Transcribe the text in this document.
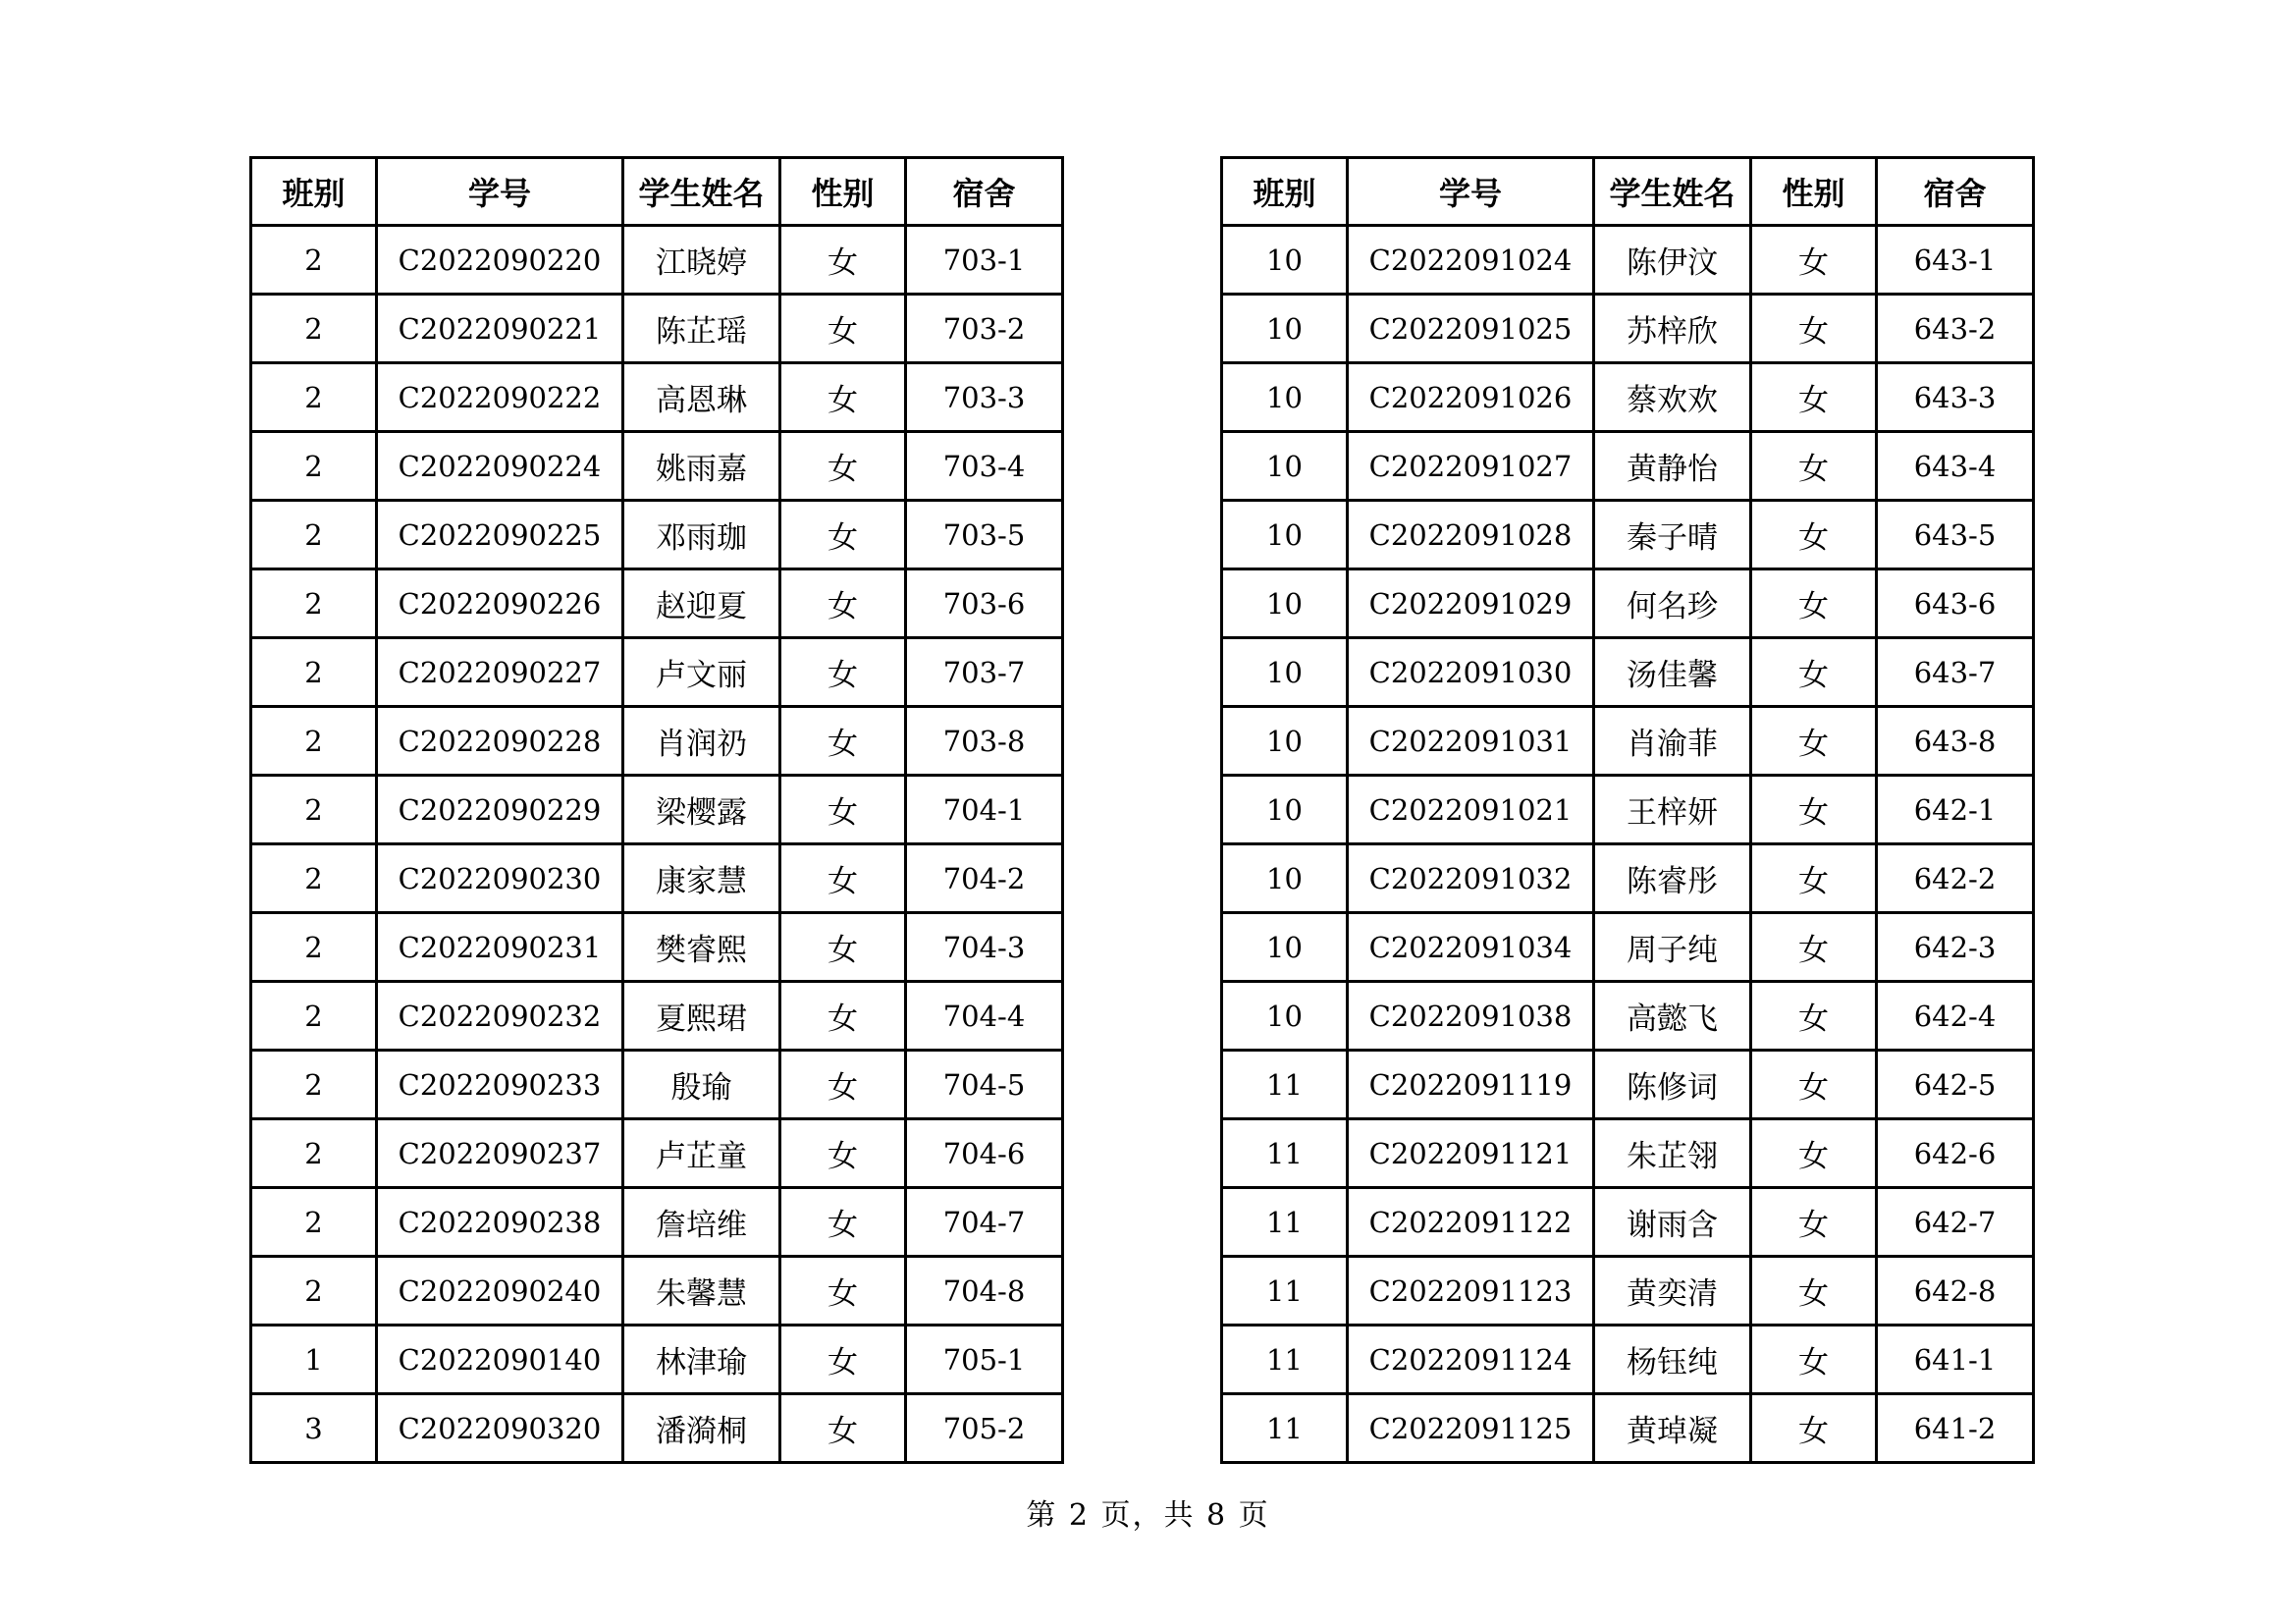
班别	学号	学生姓名	性别	宿舍
2	C2022090220	江晓婷	女	703-1
2	C2022090221	陈芷瑶	女	703-2
2	C2022090222	高恩琳	女	703-3
2	C2022090224	姚雨嘉	女	703-4
2	C2022090225	邓雨珈	女	703-5
2	C2022090226	赵迎夏	女	703-6
2	C2022090227	卢文丽	女	703-7
2	C2022090228	肖润礽	女	703-8
2	C2022090229	梁樱露	女	704-1
2	C2022090230	康家慧	女	704-2
2	C2022090231	樊睿熙	女	704-3
2	C2022090232	夏熙珺	女	704-4
2	C2022090233	殷瑜	女	704-5
2	C2022090237	卢芷童	女	704-6
2	C2022090238	詹培维	女	704-7
2	C2022090240	朱馨慧	女	704-8
1	C2022090140	林津瑜	女	705-1
3	C2022090320	潘漪桐	女	705-2
班别	学号	学生姓名	性别	宿舍
10	C2022091024	陈伊汶	女	643-1
10	C2022091025	苏梓欣	女	643-2
10	C2022091026	蔡欢欢	女	643-3
10	C2022091027	黄静怡	女	643-4
10	C2022091028	秦子晴	女	643-5
10	C2022091029	何名珍	女	643-6
10	C2022091030	汤佳馨	女	643-7
10	C2022091031	肖渝菲	女	643-8
10	C2022091021	王梓妍	女	642-1
10	C2022091032	陈睿彤	女	642-2
10	C2022091034	周子纯	女	642-3
10	C2022091038	高懿飞	女	642-4
11	C2022091119	陈修词	女	642-5
11	C2022091121	朱芷翎	女	642-6
11	C2022091122	谢雨含	女	642-7
11	C2022091123	黄奕清	女	642-8
11	C2022091124	杨钰纯	女	641-1
11	C2022091125	黄琸凝	女	641-2
第 2 页，共 8 页
